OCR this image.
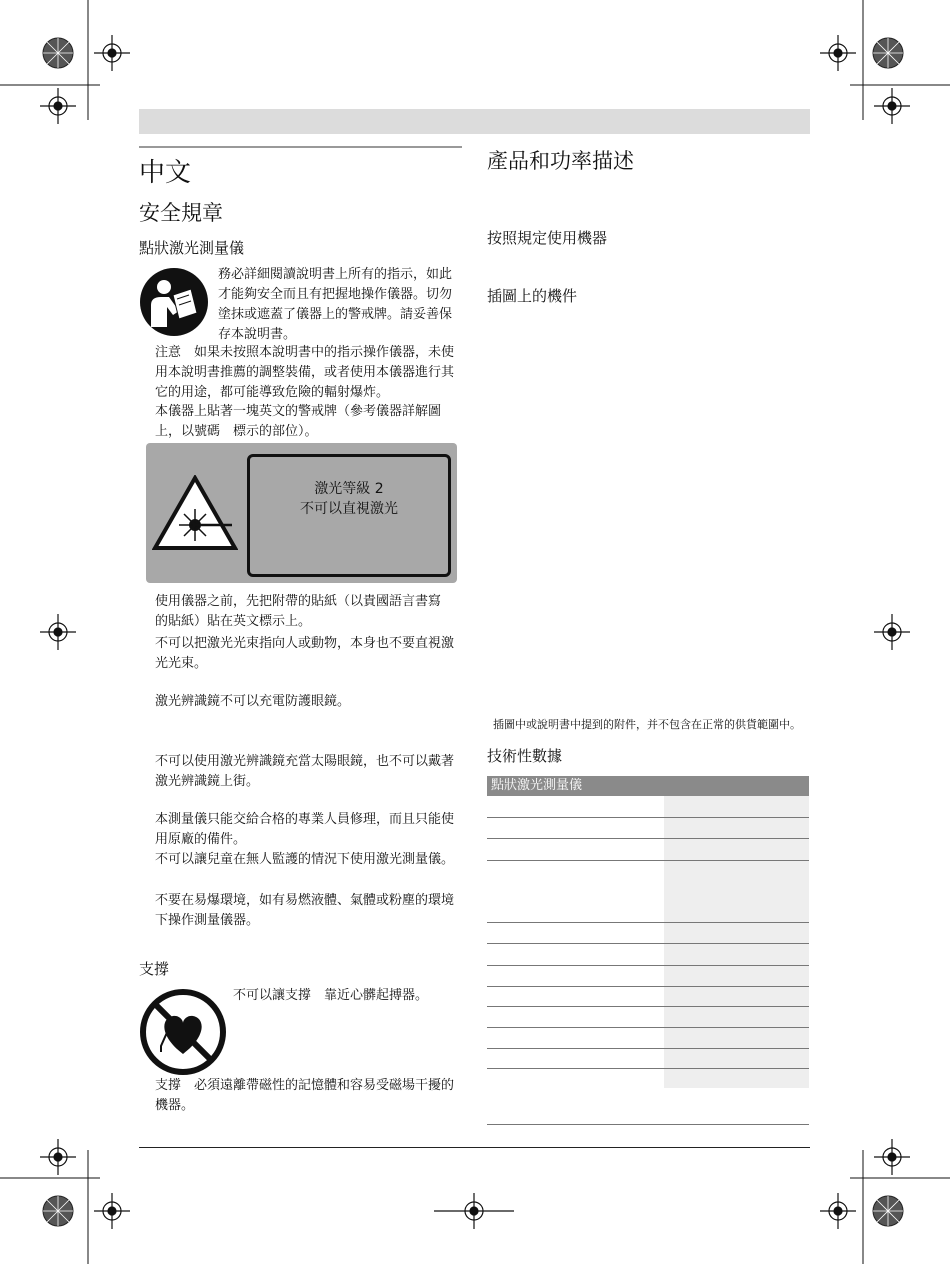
中文
安全規章
點狀激光測量儀
務必詳細閱讀說明書上所有的指示，如此
才能夠安全而且有把握地操作儀器。切勿
塗抹或遮蓋了儀器上的警戒牌。請妥善保
存本說明書。
注意　如果未按照本說明書中的指示操作儀器，未使
用本說明書推薦的調整裝備，或者使用本儀器進行其
它的用途，都可能導致危險的輻射爆炸。
本儀器上貼著一塊英文的警戒牌（參考儀器詳解圖
上，以號碼　標示的部位）。
激光等級 2
不可以直視激光
使用儀器之前，先把附帶的貼紙（以貴國語言書寫
的貼紙）貼在英文標示上。
不可以把激光光束指向人或動物，本身也不要直視激
光光束。
激光辨識鏡不可以充電防護眼鏡。
不可以使用激光辨識鏡充當太陽眼鏡，也不可以戴著
激光辨識鏡上街。
本測量儀只能交給合格的專業人員修理，而且只能使
用原廠的備件。
不可以讓兒童在無人監護的情況下使用激光測量儀。
不要在易爆環境，如有易燃液體、氣體或粉塵的環境
下操作測量儀器。
支撐
不可以讓支撐　靠近心髒起搏器。
支撐　必須遠離帶磁性的記憶體和容易受磁場干擾的
機器。
產品和功率描述
按照規定使用機器
插圖上的機件
插圖中或說明書中提到的附件，并不包含在正常的供貨範圍中。
技術性數據
點狀激光測量儀
